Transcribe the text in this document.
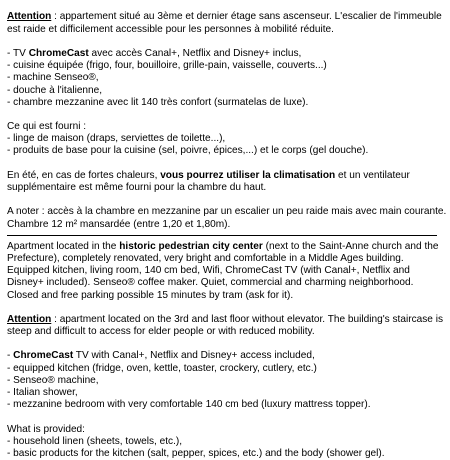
Attention : appartement situé au 3ème et dernier étage sans ascenseur. L'escalier de l'immeuble
est raide et difficilement accessible pour les personnes à mobilité réduite.
- TV ChromeCast avec accès Canal+, Netflix and Disney+ inclus,
- cuisine équipée (frigo, four, bouilloire, grille-pain, vaisselle, couverts...)
- machine Senseo®,
- douche à l'italienne,
- chambre mezzanine avec lit 140 très confort (surmatelas de luxe).
Ce qui est fourni :
- linge de maison (draps, serviettes de toilette...),
- produits de base pour la cuisine (sel, poivre, épices,...) et le corps (gel douche).
En été, en cas de fortes chaleurs, vous pourrez utiliser la climatisation et un ventilateur
supplémentaire est même fourni pour la chambre du haut.
A noter : accès à la chambre en mezzanine par un escalier un peu raide mais avec main courante.
Chambre 12 m² mansardée (entre 1,20 et 1,80m).
Apartment located in the historic pedestrian city center (next to the Saint-Anne church and the
Prefecture), completely renovated, very bright and comfortable in a Middle Ages building.
Equipped kitchen, living room, 140 cm bed, Wifi, ChromeCast TV (with Canal+, Netflix and
Disney+ included). Senseo® coffee maker. Quiet, commercial and charming neighborhood.
Closed and free parking possible 15 minutes by tram (ask for it).
Attention : apartment located on the 3rd and last floor without elevator. The building's staircase is
steep and difficult to access for elder people or with reduced mobility.
- ChromeCast TV with Canal+, Netflix and Disney+ access included,
- equipped kitchen (fridge, oven, kettle, toaster, crockery, cutlery, etc.)
- Senseo® machine,
- Italian shower,
- mezzanine bedroom with very comfortable 140 cm bed (luxury mattress topper).
What is provided:
- household linen (sheets, towels, etc.),
- basic products for the kitchen (salt, pepper, spices, etc.) and the body (shower gel).
